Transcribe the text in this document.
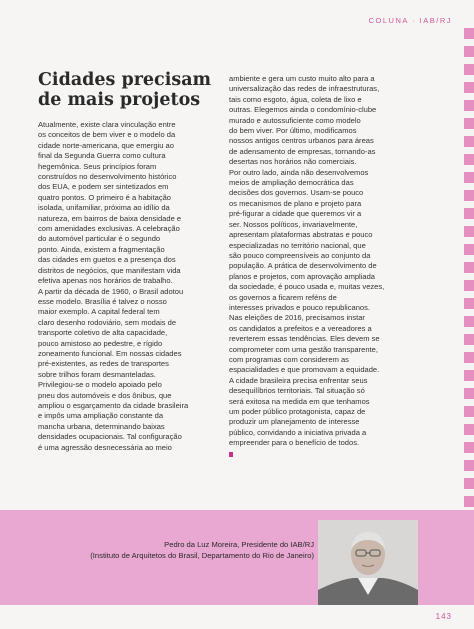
COLUNA · IAB/RJ
Cidades precisam de mais projetos

Atualmente, existe clara vinculação entre
os conceitos de bem viver e o modelo da
cidade norte-americana, que emergiu ao
final da Segunda Guerra como cultura
hegemônica. Seus princípios foram
construídos no desenvolvimento histórico
dos EUA, e podem ser sintetizados em
quatro pontos. O primeiro é a habitação
isolada, unifamiliar, próxima ao idílio da
natureza, em bairros de baixa densidade e
com amenidades exclusivas. A celebração
do automóvel particular é o segundo
ponto. Ainda, existem a fragmentação
das cidades em guetos e a presença dos
distritos de negócios, que manifestam vida
efetiva apenas nos horários de trabalho.
A partir da década de 1960, o Brasil adotou
esse modelo. Brasília é talvez o nosso
maior exemplo. A capital federal tem
claro desenho rodoviário, sem modais de
transporte coletivo de alta capacidade,
pouco amistoso ao pedestre, e rígido
zoneamento funcional. Em nossas cidades
pré-existentes, as redes de transportes
sobre trilhos foram desmanteladas.
Privilegiou-se o modelo apoiado pelo
pneu dos automóveis e dos ônibus, que
ampliou o esgarçamento da cidade brasileira
e impôs uma ampliação constante da
mancha urbana, determinando baixas
densidades ocupacionais. Tal configuração
é uma agressão desnecessária ao meio

ambiente e gera um custo muito alto para a
universalização das redes de infraestruturas,
tais como esgoto, água, coleta de lixo e
outras. Elegemos ainda o condomínio-clube
murado e autossuficiente como modelo
do bem viver. Por último, modificamos
nossos antigos centros urbanos para áreas
de adensamento de empresas, tornando-as
desertas nos horários não comerciais.
Por outro lado, ainda não desenvolvemos
meios de ampliação democrática das
decisões dos governos. Usam-se pouco
os mecanismos de plano e projeto para
pré-figurar a cidade que queremos vir a
ser. Nossos políticos, invariavelmente,
apresentam plataformas abstratas e pouco
especializadas no território nacional, que
são pouco compreensíveis ao conjunto da
população. A prática de desenvolvimento de
planos e projetos, com aprovação ampliada
da sociedade, é pouco usada e, muitas vezes,
os governos a ficarem reféns de
interesses privados e pouco republicanos.
Nas eleições de 2016, precisamos instar
os candidatos a prefeitos e a vereadores a
reverterem essas tendências. Eles devem se
comprometer com uma gestão transparente,
com programas com considerem as
espacialidades e que promovam a equidade.
A cidade brasileira precisa enfrentar seus
desequilíbrios territoriais. Tal situação só
será exitosa na medida em que tenhamos
um poder público protagonista, capaz de
produzir um planejamento de interesse
público, convidando a iniciativa privada a
empreender para o benefício de todos.

Pedro da Luz Moreira, Presidente do IAB/RJ
(Instituto de Arquitetos do Brasil, Departamento do Rio de Janeiro)
143
